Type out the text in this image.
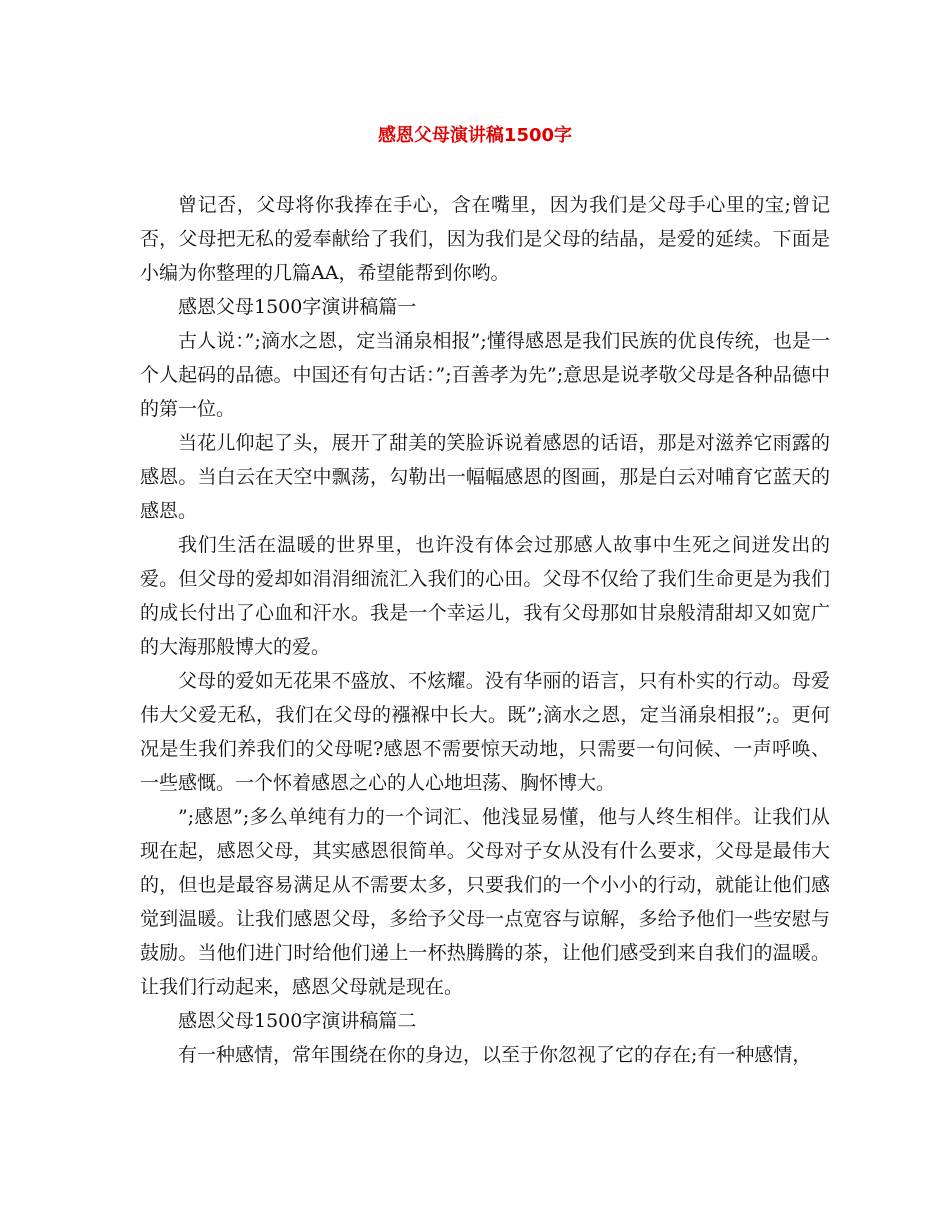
感恩父母演讲稿1500字

曾记否，父母将你我捧在手心，含在嘴里，因为我们是父母手心里的宝;曾记否，父母把无私的爱奉献给了我们，因为我们是父母的结晶，是爱的延续。下面是小编为你整理的几篇AA，希望能帮到你哟。

感恩父母1500字演讲稿篇一

古人说：”;滴水之恩，定当涌泉相报”;懂得感恩是我们民族的优良传统，也是一个人起码的品德。中国还有句古话：”;百善孝为先”;意思是说孝敬父母是各种品德中的第一位。

当花儿仰起了头，展开了甜美的笑脸诉说着感恩的话语，那是对滋养它雨露的感恩。当白云在天空中飘荡，勾勒出一幅幅感恩的图画，那是白云对哺育它蓝天的感恩。

我们生活在温暖的世界里，也许没有体会过那感人故事中生死之间迸发出的爱。但父母的爱却如涓涓细流汇入我们的心田。父母不仅给了我们生命更是为我们的成长付出了心血和汗水。我是一个幸运儿，我有父母那如甘泉般清甜却又如宽广的大海那般博大的爱。

父母的爱如无花果不盛放、不炫耀。没有华丽的语言，只有朴实的行动。母爱伟大父爱无私，我们在父母的襁褓中长大。既”;滴水之恩，定当涌泉相报”;。更何况是生我们养我们的父母呢?感恩不需要惊天动地，只需要一句问候、一声呼唤、一些感慨。一个怀着感恩之心的人心地坦荡、胸怀博大。

”;感恩”;多么单纯有力的一个词汇、他浅显易懂，他与人终生相伴。让我们从现在起，感恩父母，其实感恩很简单。父母对子女从没有什么要求，父母是最伟大的，但也是最容易满足从不需要太多，只要我们的一个小小的行动，就能让他们感觉到温暖。让我们感恩父母，多给予父母一点宽容与谅解，多给予他们一些安慰与鼓励。当他们进门时给他们递上一杯热腾腾的茶，让他们感受到来自我们的温暖。让我们行动起来，感恩父母就是现在。

感恩父母1500字演讲稿篇二

有一种感情，常年围绕在你的身边，以至于你忽视了它的存在;有一种感情，
